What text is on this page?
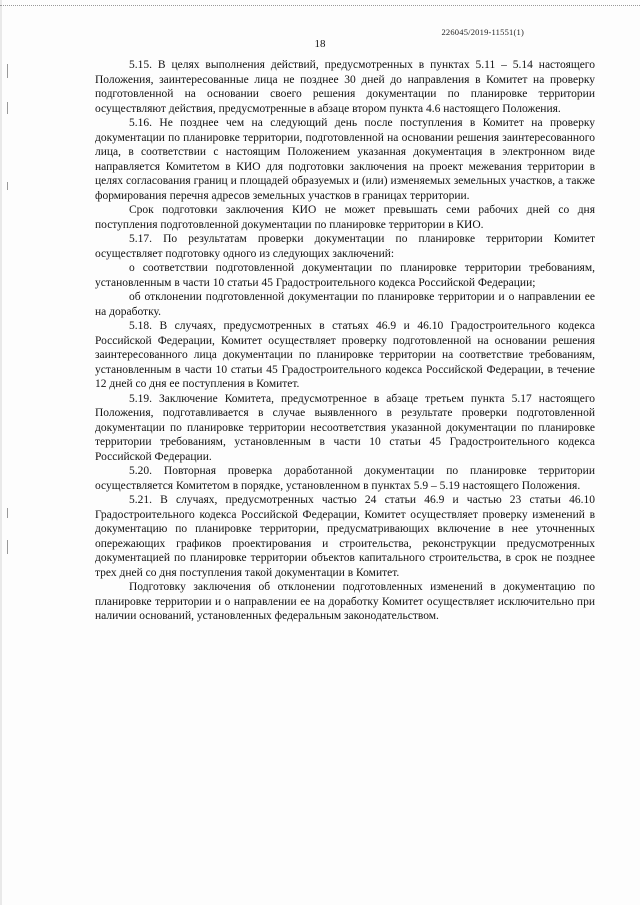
226045/2019-11551(1)
18

5.15. В целях выполнения действий, предусмотренных в пунктах 5.11 – 5.14 настоящего Положения, заинтересованные лица не позднее 30 дней до направления в Комитет на проверку подготовленной на основании своего решения документации по планировке территории осуществляют действия, предусмотренные в абзаце втором пункта 4.6 настоящего Положения.

5.16. Не позднее чем на следующий день после поступления в Комитет на проверку документации по планировке территории, подготовленной на основании решения заинтересованного лица, в соответствии с настоящим Положением указанная документация в электронном виде направляется Комитетом в КИО для подготовки заключения на проект межевания территории в целях согласования границ и площадей образуемых и (или) изменяемых земельных участков, а также формирования перечня адресов земельных участков в границах территории.

Срок подготовки заключения КИО не может превышать семи рабочих дней со дня поступления подготовленной документации по планировке территории в КИО.

5.17. По результатам проверки документации по планировке территории Комитет осуществляет подготовку одного из следующих заключений:

о соответствии подготовленной документации по планировке территории требованиям, установленным в части 10 статьи 45 Градостроительного кодекса Российской Федерации;

об отклонении подготовленной документации по планировке территории и о направлении ее на доработку.

5.18. В случаях, предусмотренных в статьях 46.9 и 46.10 Градостроительного кодекса Российской Федерации, Комитет осуществляет проверку подготовленной на основании решения заинтересованного лица документации по планировке территории на соответствие требованиям, установленным в части 10 статьи 45 Градостроительного кодекса Российской Федерации, в течение 12 дней со дня ее поступления в Комитет.

5.19. Заключение Комитета, предусмотренное в абзаце третьем пункта 5.17 настоящего Положения, подготавливается в случае выявленного в результате проверки подготовленной документации по планировке территории несоответствия указанной документации по планировке территории требованиям, установленным в части 10 статьи 45 Градостроительного кодекса Российской Федерации.

5.20. Повторная проверка доработанной документации по планировке территории осуществляется Комитетом в порядке, установленном в пунктах 5.9 – 5.19 настоящего Положения.

5.21. В случаях, предусмотренных частью 24 статьи 46.9 и частью 23 статьи 46.10 Градостроительного кодекса Российской Федерации, Комитет осуществляет проверку изменений в документацию по планировке территории, предусматривающих включение в нее уточненных опережающих графиков проектирования и строительства, реконструкции предусмотренных документацией по планировке территории объектов капитального строительства, в срок не позднее трех дней со дня поступления такой документации в Комитет.

Подготовку заключения об отклонении подготовленных изменений в документацию по планировке территории и о направлении ее на доработку Комитет осуществляет исключительно при наличии оснований, установленных федеральным законодательством.
